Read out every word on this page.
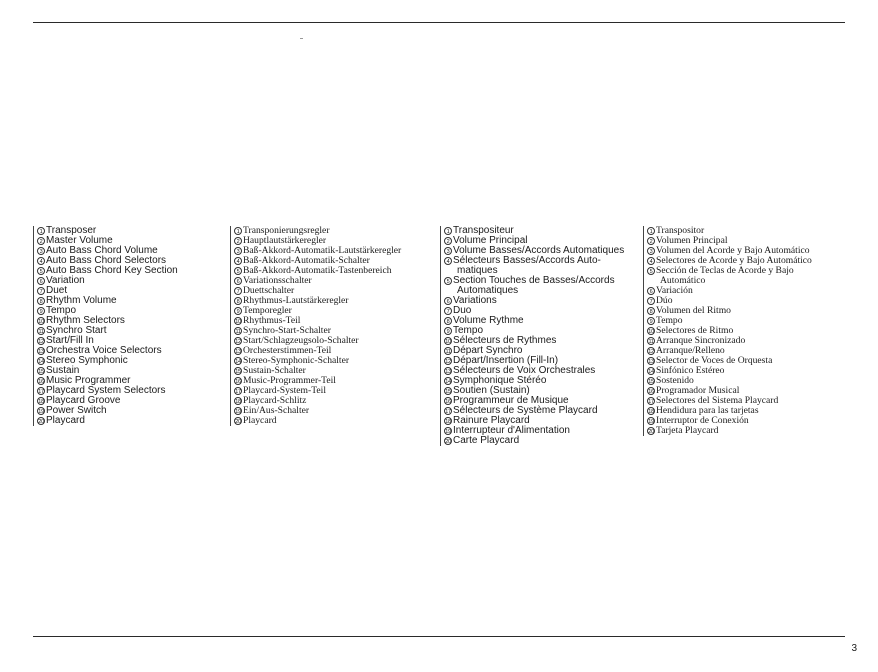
1 Transposer
2 Master Volume
3 Auto Bass Chord Volume
4 Auto Bass Chord Selectors
5 Auto Bass Chord Key Section
6 Variation
7 Duet
8 Rhythm Volume
9 Tempo
10 Rhythm Selectors
11 Synchro Start
12 Start/Fill In
13 Orchestra Voice Selectors
14 Stereo Symphonic
15 Sustain
16 Music Programmer
17 Playcard System Selectors
18 Playcard Groove
19 Power Switch
20 Playcard
1 Transponierungsregler
2 Hauptlautstärkeregler
3 Baß-Akkord-Automatik-Lautstärkeregler
4 Baß-Akkord-Automatik-Schalter
5 Baß-Akkord-Automatik-Tastenbereich
6 Variationsschalter
7 Duettschalter
8 Rhythmus-Lautstärkeregler
9 Temporegler
10 Rhythmus-Teil
11 Synchro-Start-Schalter
12 Start/Schlagzeugsolo-Schalter
13 Orchesterstimmen-Teil
14 Stereo-Symphonic-Schalter
15 Sustain-Schalter
16 Music-Programmer-Teil
17 Playcard-System-Teil
18 Playcard-Schlitz
19 Ein/Aus-Schalter
20 Playcard
1 Transpositeur
2 Volume Principal
3 Volume Basses/Accords Automatiques
4 Sélecteurs Basses/Accords Auto-
matiques
5 Section Touches de Basses/Accords
Automatiques
6 Variations
7 Duo
8 Volume Rythme
9 Tempo
10 Sélecteurs de Rythmes
11 Départ Synchro
12 Départ/Insertion (Fill-In)
13 Sélecteurs de Voix Orchestrales
14 Symphonique Stéréo
15 Soutien (Sustain)
16 Programmeur de Musique
17 Sélecteurs de Système Playcard
18 Rainure Playcard
19 Interrupteur d'Alimentation
20 Carte Playcard
1 Transpositor
2 Volumen Principal
3 Volumen del Acorde y Bajo Automático
4 Selectores de Acorde y Bajo Automático
5 Sección de Teclas de Acorde y Bajo
Automático
6 Variación
7 Dúo
8 Volumen del Ritmo
9 Tempo
10 Selectores de Ritmo
11 Arranque Sincronizado
12 Arranque/Relleno
13 Selector de Voces de Orquesta
14 Sinfónico Estéreo
15 Sostenido
16 Programador Musical
17 Selectores del Sistema Playcard
18 Hendidura para las tarjetas
19 Interruptor de Conexión
20 Tarjeta Playcard
3
